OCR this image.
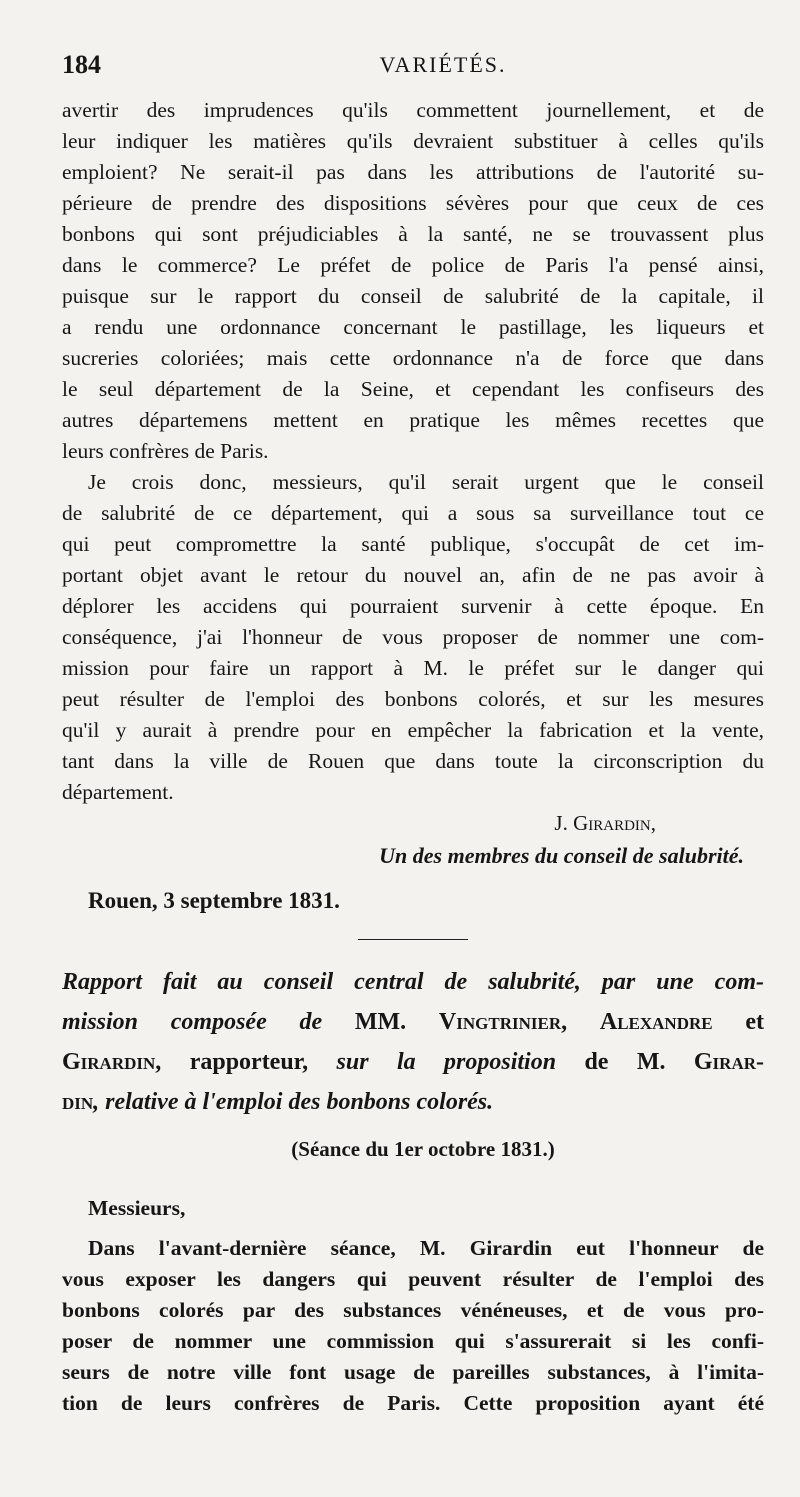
184	VARIÉTÉS.

avertir des imprudences qu'ils commettent journellement, et de
leur indiquer les matières qu'ils devraient substituer à celles qu'ils
emploient? Ne serait-il pas dans les attributions de l'autorité su-
périeure de prendre des dispositions sévères pour que ceux de ces
bonbons qui sont préjudiciables à la santé, ne se trouvassent plus
dans le commerce? Le préfet de police de Paris l'a pensé ainsi,
puisque sur le rapport du conseil de salubrité de la capitale, il
a rendu une ordonnance concernant le pastillage, les liqueurs et
sucreries coloriées; mais cette ordonnance n'a de force que dans
le seul département de la Seine, et cependant les confiseurs des
autres départemens mettent en pratique les mêmes recettes que
leurs confrères de Paris.

Je crois donc, messieurs, qu'il serait urgent que le conseil
de salubrité de ce département, qui a sous sa surveillance tout ce
qui peut compromettre la santé publique, s'occupât de cet im-
portant objet avant le retour du nouvel an, afin de ne pas avoir à
déplorer les accidens qui pourraient survenir à cette époque. En
conséquence, j'ai l'honneur de vous proposer de nommer une com-
mission pour faire un rapport à M. le préfet sur le danger qui
peut résulter de l'emploi des bonbons colorés, et sur les mesures
qu'il y aurait à prendre pour en empêcher la fabrication et la vente,
tant dans la ville de Rouen que dans toute la circonscription du
département.

J. Girardin,

Un des membres du conseil de salubrité.

Rouen, 3 septembre 1831.

Rapport fait au conseil central de salubrité, par une com-
mission composée de MM. Vingtrinier, Alexandre et
Girardin, rapporteur, sur la proposition de M. Girar-
din, relative à l'emploi des bonbons colorés.

(Séance du 1er octobre 1831.)

Messieurs,

Dans l'avant-dernière séance, M. Girardin eut l'honneur de
vous exposer les dangers qui peuvent résulter de l'emploi des
bonbons colorés par des substances vénéneuses, et de vous pro-
poser de nommer une commission qui s'assurerait si les confi-
seurs de notre ville font usage de pareilles substances, à l'imita-
tion de leurs confrères de Paris. Cette proposition ayant été
